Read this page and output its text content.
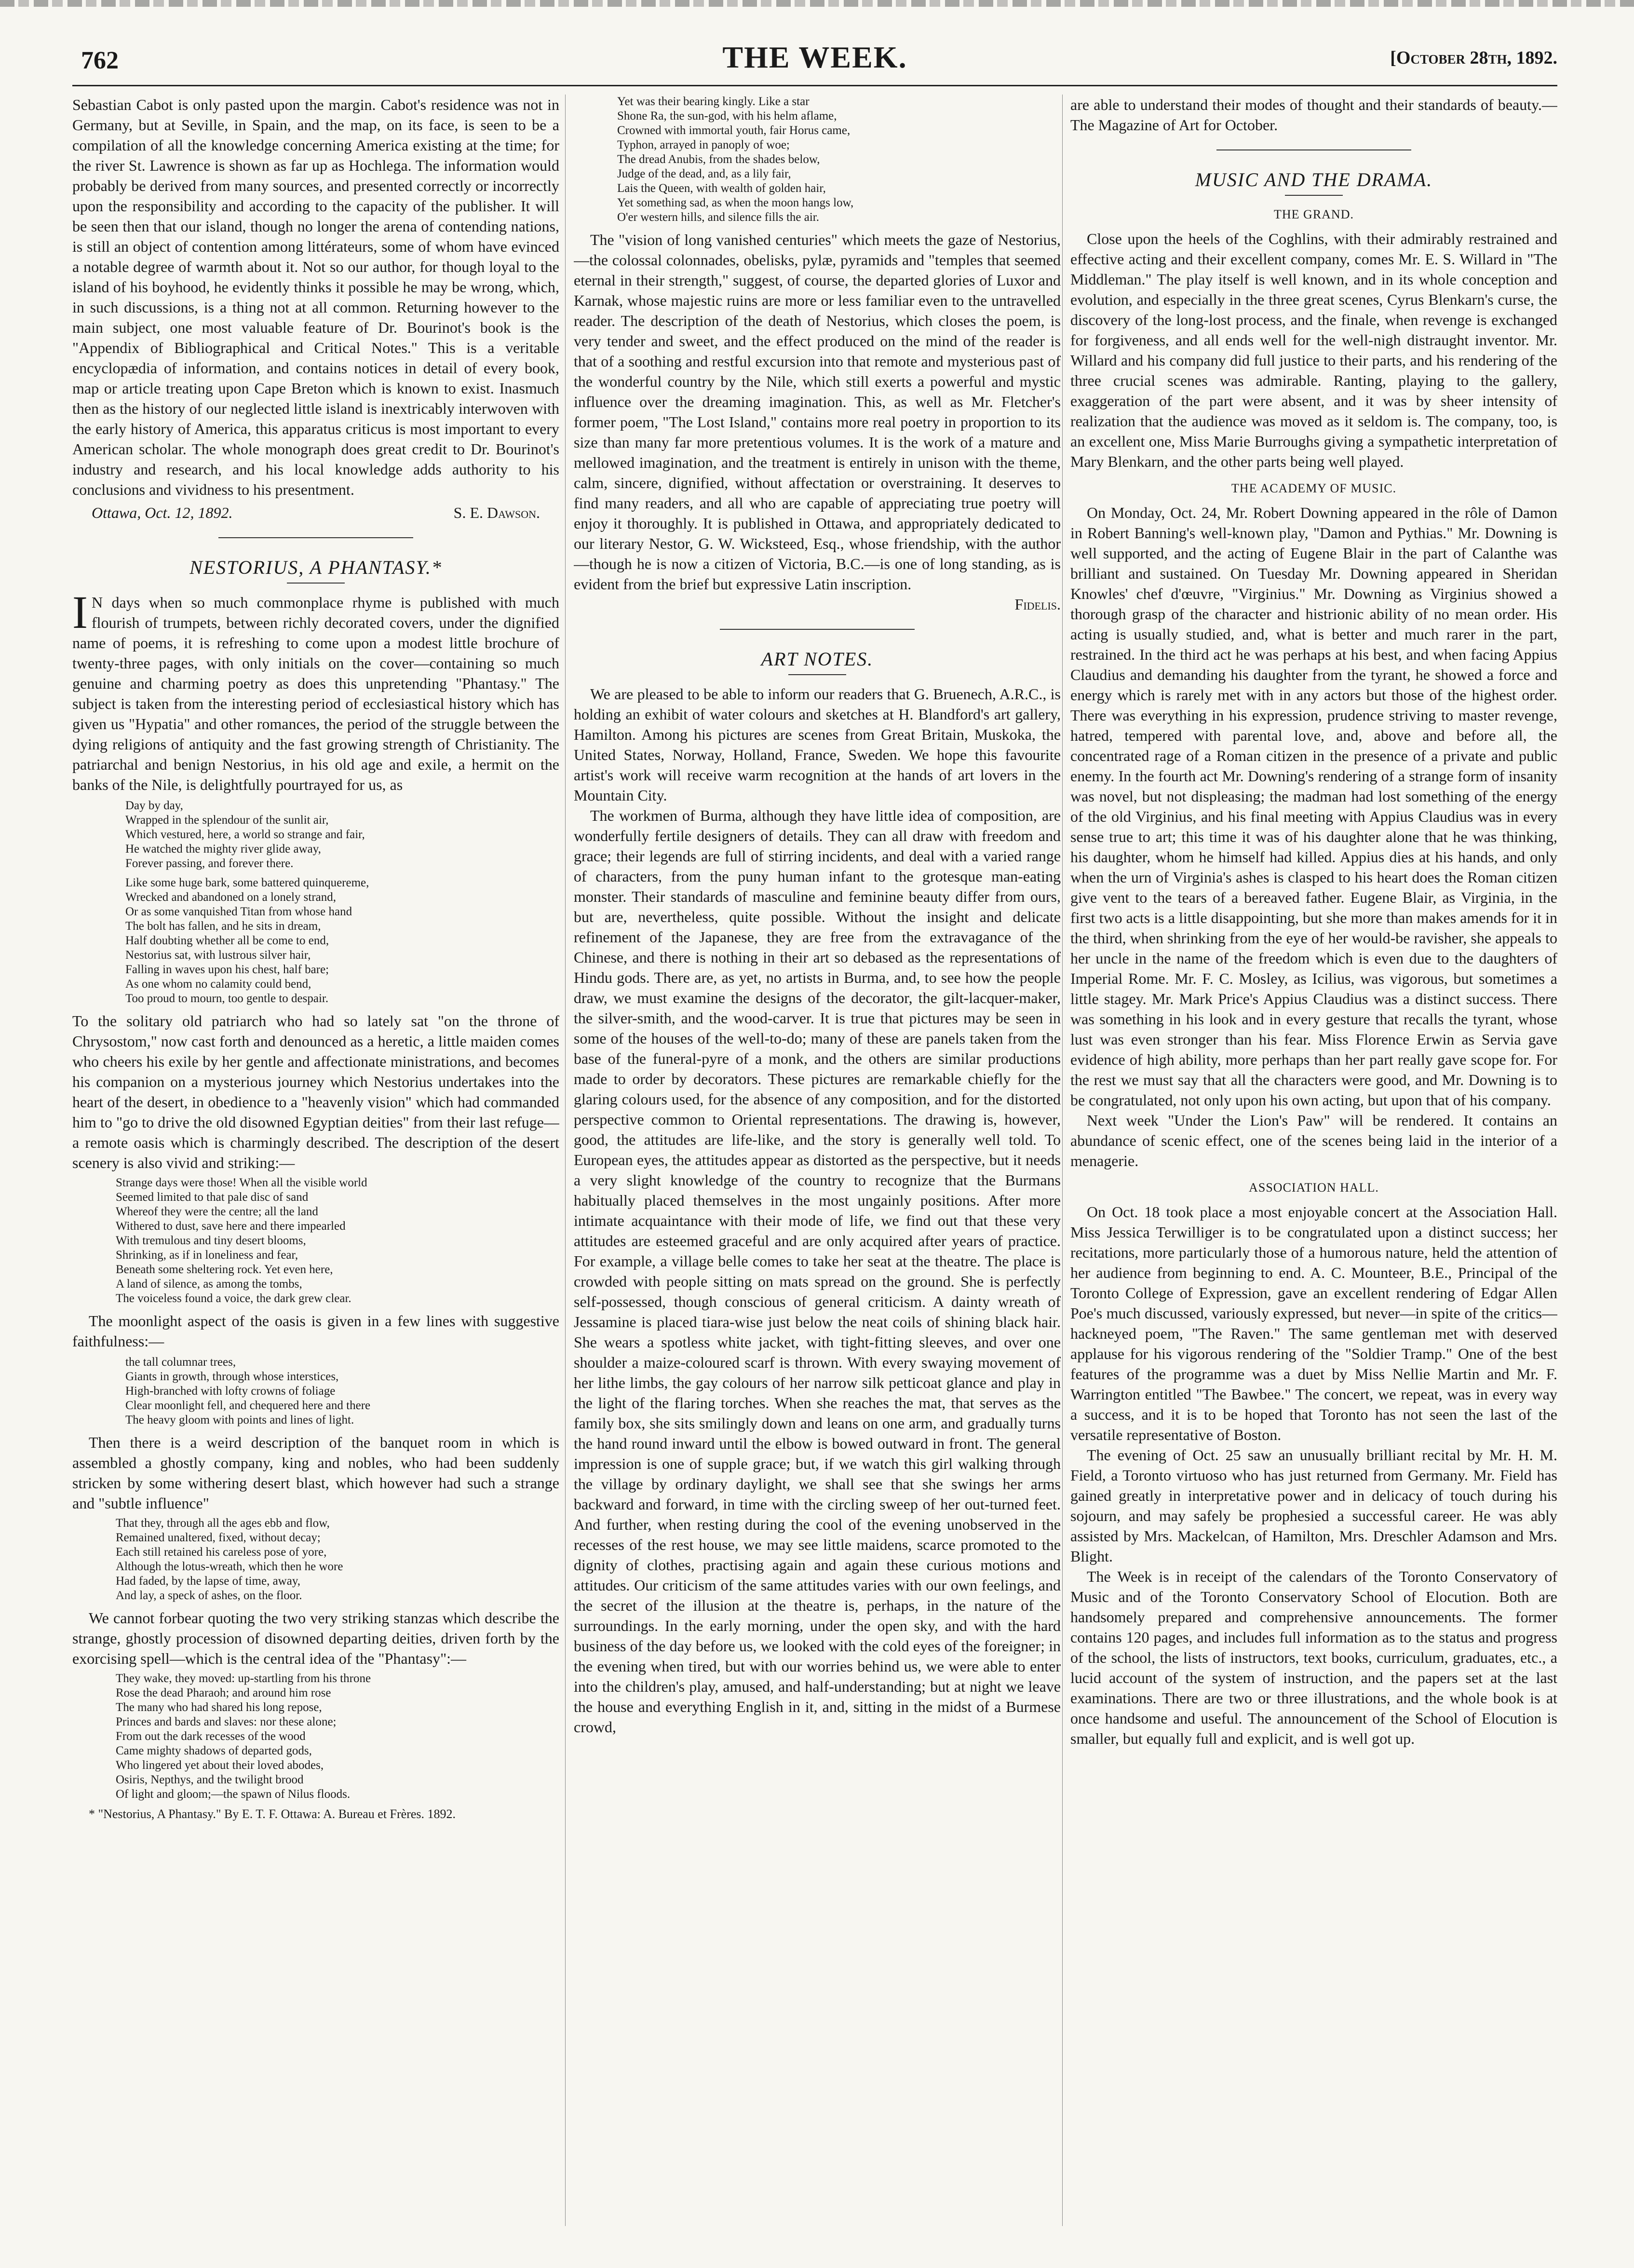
762	THE WEEK.	[October 28th, 1892.

Sebastian Cabot is only pasted upon the margin. Cabot's residence was not in Germany, but at Seville, in Spain, and the map, on its face, is seen to be a compilation of all the knowledge concerning America existing at the time; for the river St. Lawrence is shown as far up as Hochlega. The information would probably be derived from many sources, and presented correctly or incorrectly upon the responsibility and according to the capacity of the publisher. It will be seen then that our island, though no longer the arena of contending nations, is still an object of contention among littérateurs, some of whom have evinced a notable degree of warmth about it. Not so our author, for though loyal to the island of his boyhood, he evidently thinks it possible he may be wrong, which, in such discussions, is a thing not at all common. Returning however to the main subject, one most valuable feature of Dr. Bourinot's book is the "Appendix of Bibliographical and Critical Notes." This is a veritable encyclopædia of information, and contains notices in detail of every book, map or article treating upon Cape Breton which is known to exist. Inasmuch then as the history of our neglected little island is inextricably interwoven with the early history of America, this apparatus criticus is most important to every American scholar. The whole monograph does great credit to Dr. Bourinot's industry and research, and his local knowledge adds authority to his conclusions and vividness to his presentment.

Ottawa, Oct. 12, 1892.	S. E. Dawson.
NESTORIUS, A PHANTASY.*

I N days when so much commonplace rhyme is published with much flourish of trumpets, between richly decorated covers, under the dignified name of poems, it is refreshing to come upon a modest little brochure of twenty-three pages, with only initials on the cover—containing so much genuine and charming poetry as does this unpretending "Phantasy." The subject is taken from the interesting period of ecclesiastical history which has given us "Hypatia" and other romances, the period of the struggle between the dying religions of antiquity and the fast growing strength of Christianity. The patriarchal and benign Nestorius, in his old age and exile, a hermit on the banks of the Nile, is delightfully pourtrayed for us, as

Day by day,
Wrapped in the splendour of the sunlit air,
Which vestured, here, a world so strange and fair,
He watched the mighty river glide away,
Forever passing, and forever there.
Like some huge bark, some battered quinquereme,
Wrecked and abandoned on a lonely strand,
Or as some vanquished Titan from whose hand
The bolt has fallen, and he sits in dream,
Half doubting whether all be come to end,
Nestorius sat, with lustrous silver hair,
Falling in waves upon his chest, half bare;
As one whom no calamity could bend,
Too proud to mourn, too gentle to despair.

To the solitary old patriarch who had so lately sat "on the throne of Chrysostom," now cast forth and denounced as a heretic, a little maiden comes who cheers his exile by her gentle and affectionate ministrations, and becomes his companion on a mysterious journey which Nestorius undertakes into the heart of the desert, in obedience to a "heavenly vision" which had commanded him to "go to drive the old disowned Egyptian deities" from their last refuge—a remote oasis which is charmingly described. The description of the desert scenery is also vivid and striking:—

Strange days were those! When all the visible world
Seemed limited to that pale disc of sand
Whereof they were the centre; all the land
Withered to dust, save here and there impearled
With tremulous and tiny desert blooms,
Shrinking, as if in loneliness and fear,
Beneath some sheltering rock. Yet even here,
A land of silence, as among the tombs,
The voiceless found a voice, the dark grew clear.

The moonlight aspect of the oasis is given in a few lines with suggestive faithfulness:—

the tall columnar trees,
Giants in growth, through whose interstices,
High-branched with lofty crowns of foliage
Clear moonlight fell, and chequered here and there
The heavy gloom with points and lines of light.

Then there is a weird description of the banquet room in which is assembled a ghostly company, king and nobles, who had been suddenly stricken by some withering desert blast, which however had such a strange and "subtle influence"

That they, through all the ages ebb and flow,
Remained unaltered, fixed, without decay;
Each still retained his careless pose of yore,
Although the lotus-wreath, which then he wore
Had faded, by the lapse of time, away,
And lay, a speck of ashes, on the floor.

We cannot forbear quoting the two very striking stanzas which describe the strange, ghostly procession of disowned departing deities, driven forth by the exorcising spell—which is the central idea of the "Phantasy":—

They wake, they moved: up-startling from his throne
Rose the dead Pharaoh; and around him rose
The many who had shared his long repose,
Princes and bards and slaves: nor these alone;
From out the dark recesses of the wood
Came mighty shadows of departed gods,
Who lingered yet about their loved abodes,
Osiris, Nepthys, and the twilight brood
Of light and gloom;—the spawn of Nilus floods.

* "Nestorius, A Phantasy." By E. T. F. Ottawa: A. Bureau et Frères. 1892.

Yet was their bearing kingly. Like a star
Shone Ra, the sun-god, with his helm aflame,
Crowned with immortal youth, fair Horus came,
Typhon, arrayed in panoply of woe;
The dread Anubis, from the shades below,
Judge of the dead, and, as a lily fair,
Lais the Queen, with wealth of golden hair,
Yet something sad, as when the moon hangs low,
O'er western hills, and silence fills the air.

The "vision of long vanished centuries" which meets the gaze of Nestorius,—the colossal colonnades, obelisks, pylæ, pyramids and "temples that seemed eternal in their strength," suggest, of course, the departed glories of Luxor and Karnak, whose majestic ruins are more or less familiar even to the untravelled reader. The description of the death of Nestorius, which closes the poem, is very tender and sweet, and the effect produced on the mind of the reader is that of a soothing and restful excursion into that remote and mysterious past of the wonderful country by the Nile, which still exerts a powerful and mystic influence over the dreaming imagination. This, as well as Mr. Fletcher's former poem, "The Lost Island," contains more real poetry in proportion to its size than many far more pretentious volumes. It is the work of a mature and mellowed imagination, and the treatment is entirely in unison with the theme, calm, sincere, dignified, without affectation or overstraining. It deserves to find many readers, and all who are capable of appreciating true poetry will enjoy it thoroughly. It is published in Ottawa, and appropriately dedicated to our literary Nestor, G. W. Wicksteed, Esq., whose friendship, with the author—though he is now a citizen of Victoria, B.C.—is one of long standing, as is evident from the brief but expressive Latin inscription.

Fidelis.
ART NOTES.

We are pleased to be able to inform our readers that G. Bruenech, A.R.C., is holding an exhibit of water colours and sketches at H. Blandford's art gallery, Hamilton. Among his pictures are scenes from Great Britain, Muskoka, the United States, Norway, Holland, France, Sweden. We hope this favourite artist's work will receive warm recognition at the hands of art lovers in the Mountain City.

The workmen of Burma, although they have little idea of composition, are wonderfully fertile designers of details. They can all draw with freedom and grace; their legends are full of stirring incidents, and deal with a varied range of characters, from the puny human infant to the grotesque man-eating monster. Their standards of masculine and feminine beauty differ from ours, but are, nevertheless, quite possible. Without the insight and delicate refinement of the Japanese, they are free from the extravagance of the Chinese, and there is nothing in their art so debased as the representations of Hindu gods. There are, as yet, no artists in Burma, and, to see how the people draw, we must examine the designs of the decorator, the gilt-lacquer-maker, the silver-smith, and the wood-carver. It is true that pictures may be seen in some of the houses of the well-to-do; many of these are panels taken from the base of the funeral-pyre of a monk, and the others are similar productions made to order by decorators. These pictures are remarkable chiefly for the glaring colours used, for the absence of any composition, and for the distorted perspective common to Oriental representations. The drawing is, however, good, the attitudes are life-like, and the story is generally well told. To European eyes, the attitudes appear as distorted as the perspective, but it needs a very slight knowledge of the country to recognize that the Burmans habitually placed themselves in the most ungainly positions. After more intimate acquaintance with their mode of life, we find out that these very attitudes are esteemed graceful and are only acquired after years of practice. For example, a village belle comes to take her seat at the theatre. The place is crowded with people sitting on mats spread on the ground. She is perfectly self-possessed, though conscious of general criticism. A dainty wreath of Jessamine is placed tiara-wise just below the neat coils of shining black hair. She wears a spotless white jacket, with tight-fitting sleeves, and over one shoulder a maize-coloured scarf is thrown. With every swaying movement of her lithe limbs, the gay colours of her narrow silk petticoat glance and play in the light of the flaring torches. When she reaches the mat, that serves as the family box, she sits smilingly down and leans on one arm, and gradually turns the hand round inward until the elbow is bowed outward in front. The general impression is one of supple grace; but, if we watch this girl walking through the village by ordinary daylight, we shall see that she swings her arms backward and forward, in time with the circling sweep of her out-turned feet. And further, when resting during the cool of the evening unobserved in the recesses of the rest house, we may see little maidens, scarce promoted to the dignity of clothes, practising again and again these curious motions and attitudes. Our criticism of the same attitudes varies with our own feelings, and the secret of the illusion at the theatre is, perhaps, in the nature of the surroundings. In the early morning, under the open sky, and with the hard business of the day before us, we looked with the cold eyes of the foreigner; in the evening when tired, but with our worries behind us, we were able to enter into the children's play, amused, and half-understanding; but at night we leave the house and everything English in it, and, sitting in the midst of a Burmese crowd,

are able to understand their modes of thought and their standards of beauty.—The Magazine of Art for October.

MUSIC AND THE DRAMA.
THE GRAND.

Close upon the heels of the Coghlins, with their admirably restrained and effective acting and their excellent company, comes Mr. E. S. Willard in "The Middleman." The play itself is well known, and in its whole conception and evolution, and especially in the three great scenes, Cyrus Blenkarn's curse, the discovery of the long-lost process, and the finale, when revenge is exchanged for forgiveness, and all ends well for the well-nigh distraught inventor. Mr. Willard and his company did full justice to their parts, and his rendering of the three crucial scenes was admirable. Ranting, playing to the gallery, exaggeration of the part were absent, and it was by sheer intensity of realization that the audience was moved as it seldom is. The company, too, is an excellent one, Miss Marie Burroughs giving a sympathetic interpretation of Mary Blenkarn, and the other parts being well played.

THE ACADEMY OF MUSIC.

On Monday, Oct. 24, Mr. Robert Downing appeared in the rôle of Damon in Robert Banning's well-known play, "Damon and Pythias." Mr. Downing is well supported, and the acting of Eugene Blair in the part of Calanthe was brilliant and sustained. On Tuesday Mr. Downing appeared in Sheridan Knowles' chef d'œuvre, "Virginius." Mr. Downing as Virginius showed a thorough grasp of the character and histrionic ability of no mean order. His acting is usually studied, and, what is better and much rarer in the part, restrained. In the third act he was perhaps at his best, and when facing Appius Claudius and demanding his daughter from the tyrant, he showed a force and energy which is rarely met with in any actors but those of the highest order. There was everything in his expression, prudence striving to master revenge, hatred, tempered with parental love, and, above and before all, the concentrated rage of a Roman citizen in the presence of a private and public enemy. In the fourth act Mr. Downing's rendering of a strange form of insanity was novel, but not displeasing; the madman had lost something of the energy of the old Virginius, and his final meeting with Appius Claudius was in every sense true to art; this time it was of his daughter alone that he was thinking, his daughter, whom he himself had killed. Appius dies at his hands, and only when the urn of Virginia's ashes is clasped to his heart does the Roman citizen give vent to the tears of a bereaved father. Eugene Blair, as Virginia, in the first two acts is a little disappointing, but she more than makes amends for it in the third, when shrinking from the eye of her would-be ravisher, she appeals to her uncle in the name of the freedom which is even due to the daughters of Imperial Rome. Mr. F. C. Mosley, as Icilius, was vigorous, but sometimes a little stagey. Mr. Mark Price's Appius Claudius was a distinct success. There was something in his look and in every gesture that recalls the tyrant, whose lust was even stronger than his fear. Miss Florence Erwin as Servia gave evidence of high ability, more perhaps than her part really gave scope for. For the rest we must say that all the characters were good, and Mr. Downing is to be congratulated, not only upon his own acting, but upon that of his company.

Next week "Under the Lion's Paw" will be rendered. It contains an abundance of scenic effect, one of the scenes being laid in the interior of a menagerie.

ASSOCIATION HALL.

On Oct. 18 took place a most enjoyable concert at the Association Hall. Miss Jessica Terwilliger is to be congratulated upon a distinct success; her recitations, more particularly those of a humorous nature, held the attention of her audience from beginning to end. A. C. Mounteer, B.E., Principal of the Toronto College of Expression, gave an excellent rendering of Edgar Allen Poe's much discussed, variously expressed, but never—in spite of the critics—hackneyed poem, "The Raven." The same gentleman met with deserved applause for his vigorous rendering of the "Soldier Tramp." One of the best features of the programme was a duet by Miss Nellie Martin and Mr. F. Warrington entitled "The Bawbee." The concert, we repeat, was in every way a success, and it is to be hoped that Toronto has not seen the last of the versatile representative of Boston.

The evening of Oct. 25 saw an unusually brilliant recital by Mr. H. M. Field, a Toronto virtuoso who has just returned from Germany. Mr. Field has gained greatly in interpretative power and in delicacy of touch during his sojourn, and may safely be prophesied a successful career. He was ably assisted by Mrs. Mackelcan, of Hamilton, Mrs. Dreschler Adamson and Mrs. Blight.

The Week is in receipt of the calendars of the Toronto Conservatory of Music and of the Toronto Conservatory School of Elocution. Both are handsomely prepared and comprehensive announcements. The former contains 120 pages, and includes full information as to the status and progress of the school, the lists of instructors, text books, curriculum, graduates, etc., a lucid account of the system of instruction, and the papers set at the last examinations. There are two or three illustrations, and the whole book is at once handsome and useful. The announcement of the School of Elocution is smaller, but equally full and explicit, and is well got up.
